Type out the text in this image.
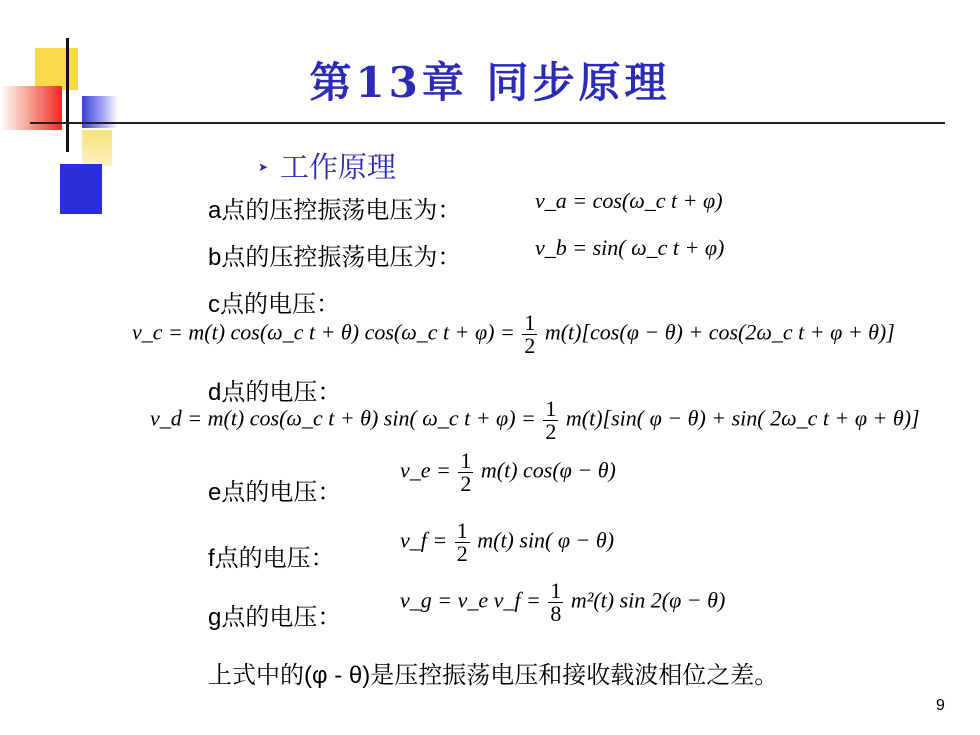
第13章 同步原理
➤ 工作原理
a点的压控振荡电压为：	v_a = cos(ω_c t + φ)
b点的压控振荡电压为：	v_b = sin( ω_c t + φ)
c点的电压：
v_c = m(t) cos(ω_c t + θ) cos(ω_c $t + \varphi) = \frac{1}{2} m(t)[\cos(\varphi - \theta)$ + cos(2ω_c t + φ + θ)]
d点的电压：
v_d = m(t) cos(ω_c t + θ) sin( ω_c $t + \varphi) = \frac{1}{2} m(t)[\sin$( φ − θ) + sin( 2ω_c t + φ + θ)]
e点的电压：
v_e = $\frac{1}{2} m(t) \cos(\varphi - \theta)$
f点的电压：
v_f = $\frac{1}{2} m(t)$ sin( φ − θ)
g点的电压：
v_g = v_e v_f = $\frac{1}{8} m^2(t)$ sin 2(φ − θ)
上式中的(φ - θ)是压控振荡电压和接收载波相位之差。
9
